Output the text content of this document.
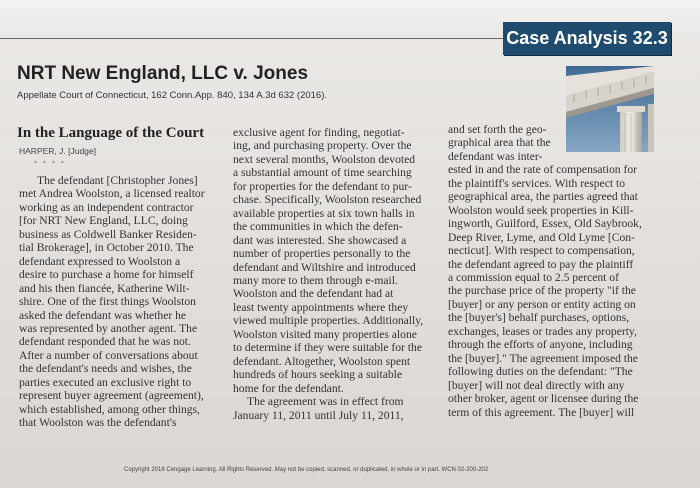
Case Analysis 32.3
NRT New England, LLC v. Jones
Appellate Court of Connecticut, 162 Conn.App. 840, 134 A.3d 632 (2016).
In the Language of the Court
HARPER, J. [Judge]
* * * *
The defendant [Christopher Jones]
met Andrea Woolston, a licensed realtor
working as an independent contractor
[for NRT New England, LLC, doing
business as Coldwell Banker Residen-
tial Brokerage], in October 2010. The
defendant expressed to Woolston a
desire to purchase a home for himself
and his then fiancée, Katherine Wilt-
shire. One of the first things Woolston
asked the defendant was whether he
was represented by another agent. The
defendant responded that he was not.
After a number of conversations about
the defendant's needs and wishes, the
parties executed an exclusive right to
represent buyer agreement (agreement),
which established, among other things,
that Woolston was the defendant's
exclusive agent for finding, negotiat-
ing, and purchasing property. Over the
next several months, Woolston devoted
a substantial amount of time searching
for properties for the defendant to pur-
chase. Specifically, Woolston researched
available properties at six town halls in
the communities in which the defen-
dant was interested. She showcased a
number of properties personally to the
defendant and Wiltshire and introduced
many more to them through e-mail.
Woolston and the defendant had at
least twenty appointments where they
viewed multiple properties. Additionally,
Woolston visited many properties alone
to determine if they were suitable for the
defendant. Altogether, Woolston spent
hundreds of hours seeking a suitable
home for the defendant.
The agreement was in effect from
January 11, 2011 until July 11, 2011,
and set forth the geo-
graphical area that the
defendant was inter-
ested in and the rate of compensation for
the plaintiff's services. With respect to
geographical area, the parties agreed that
Woolston would seek properties in Kill-
ingworth, Guilford, Essex, Old Saybrook,
Deep River, Lyme, and Old Lyme [Con-
necticut]. With respect to compensation,
the defendant agreed to pay the plaintiff
a commission equal to 2.5 percent of
the purchase price of the property "if the
[buyer] or any person or entity acting on
the [buyer's] behalf purchases, options,
exchanges, leases or trades any property,
through the efforts of anyone, including
the [buyer]." The agreement imposed the
following duties on the defendant: "The
[buyer] will not deal directly with any
other broker, agent or licensee during the
term of this agreement. The [buyer] will
Copyright 2018 Cengage Learning. All Rights Reserved. May not be copied, scanned, or duplicated, in whole or in part. WCN 02-200-202
